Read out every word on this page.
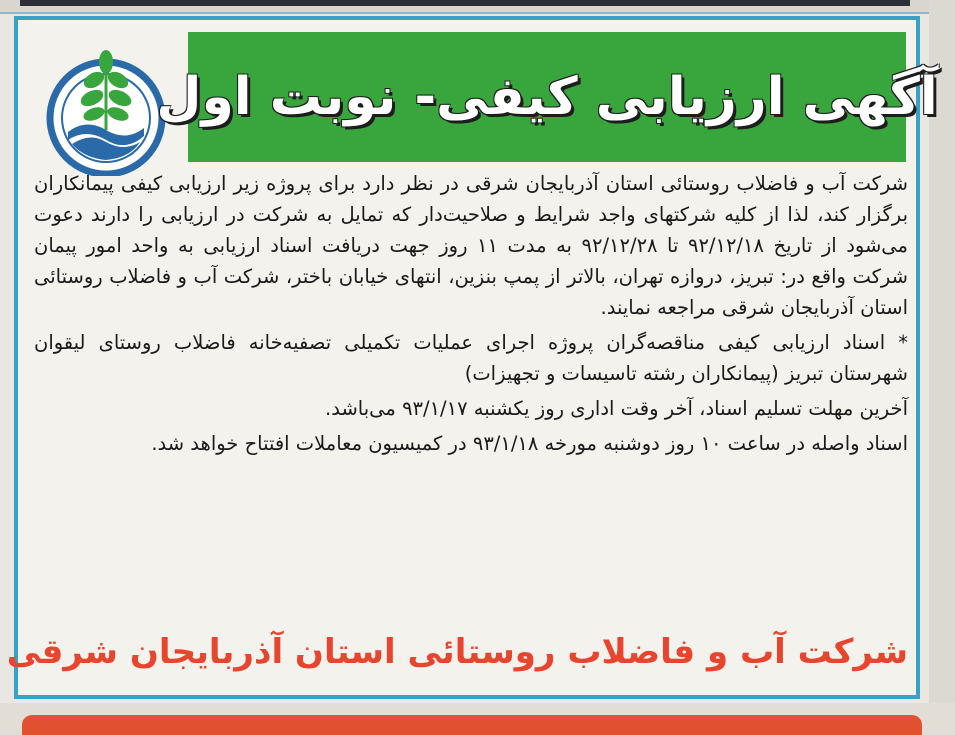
آگهی ارزیابی کیفی- نوبت اول

شرکت آب و فاضلاب روستائی استان آذربایجان شرقی در نظر دارد برای پروژه زیر ارزیابی کیفی پیمانکاران برگزار کند، لذا از کلیه شرکتهای واجد شرایط و صلاحیت‌دار که تمایل به شرکت در ارزیابی را دارند دعوت می‌شود از تاریخ ۹۲/۱۲/۱۸ تا ۹۲/۱۲/۲۸ به مدت ۱۱ روز جهت دریافت اسناد ارزیابی به واحد امور پیمان شرکت واقع در: تبریز، دروازه تهران، بالاتر از پمپ بنزین، انتهای خیابان باختر، شرکت آب و فاضلاب روستائی استان آذربایجان شرقی مراجعه نمایند.

* اسناد ارزیابی کیفی مناقصه‌گران پروژه اجرای عملیات تکمیلی تصفیه‌خانه فاضلاب روستای لیقوان شهرستان تبریز (پیمانکاران رشته تاسیسات و تجهیزات)

آخرین مهلت تسلیم اسناد، آخر وقت اداری روز یکشنبه ۹۳/۱/۱۷ می‌باشد.

اسناد واصله در ساعت ۱۰ روز دوشنبه مورخه ۹۳/۱/۱۸ در کمیسیون معاملات افتتاح خواهد شد.

شرکت آب و فاضلاب روستائی استان آذربایجان شرقی
